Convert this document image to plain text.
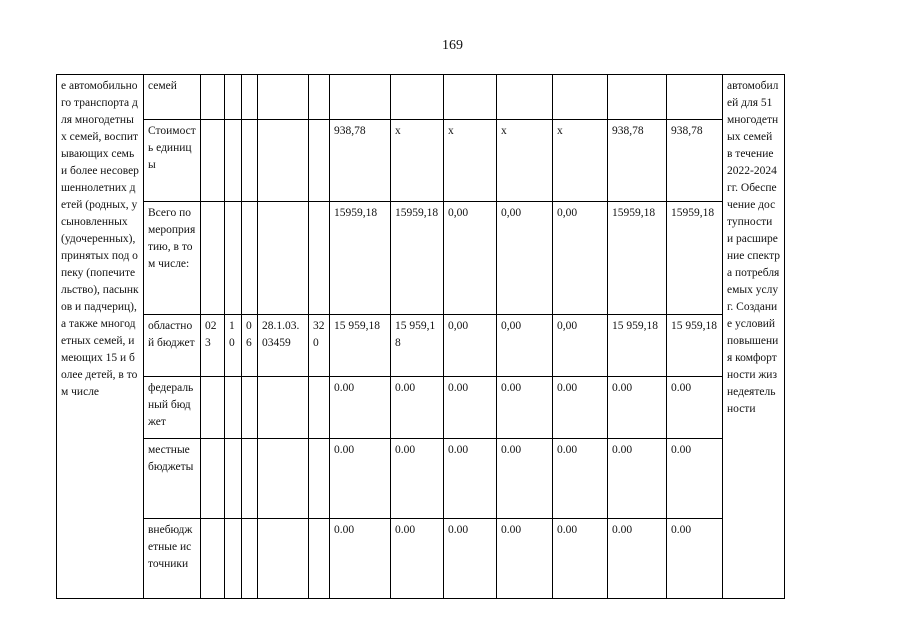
169
е автомобильного транспорта для многодетных семей, воспитывающих семь и более несовершеннолетних детей (родных, усыновленных (удочеренных), принятых под опеку (попечительство), пасынков и падчериц), а также многодетных семей, имеющих 15 и более детей, в том числе	семей													автомобилей для 51 многодетных семей в течение 2022-2024 гг. Обеспечение доступности и расширение спектра потребляемых услуг. Создание условий повышения комфортности жизнедеятельности
	Стоимость единицы						938,78	x	x	x	x	938,78	938,78	
	Всего по мероприятию, в том числе:						15959,18	15959,18	0,00	0,00	0,00	15959,18	15959,18	
	областной бюджет	023	10	06	28.1.03.03459	320	15 959,18	15 959,18	0,00	0,00	0,00	15 959,18	15 959,18	
	федеральный бюджет						0.00	0.00	0.00	0.00	0.00	0.00	0.00	
	местные бюджеты						0.00	0.00	0.00	0.00	0.00	0.00	0.00	
	внебюджетные источники						0.00	0.00	0.00	0.00	0.00	0.00	0.00	
